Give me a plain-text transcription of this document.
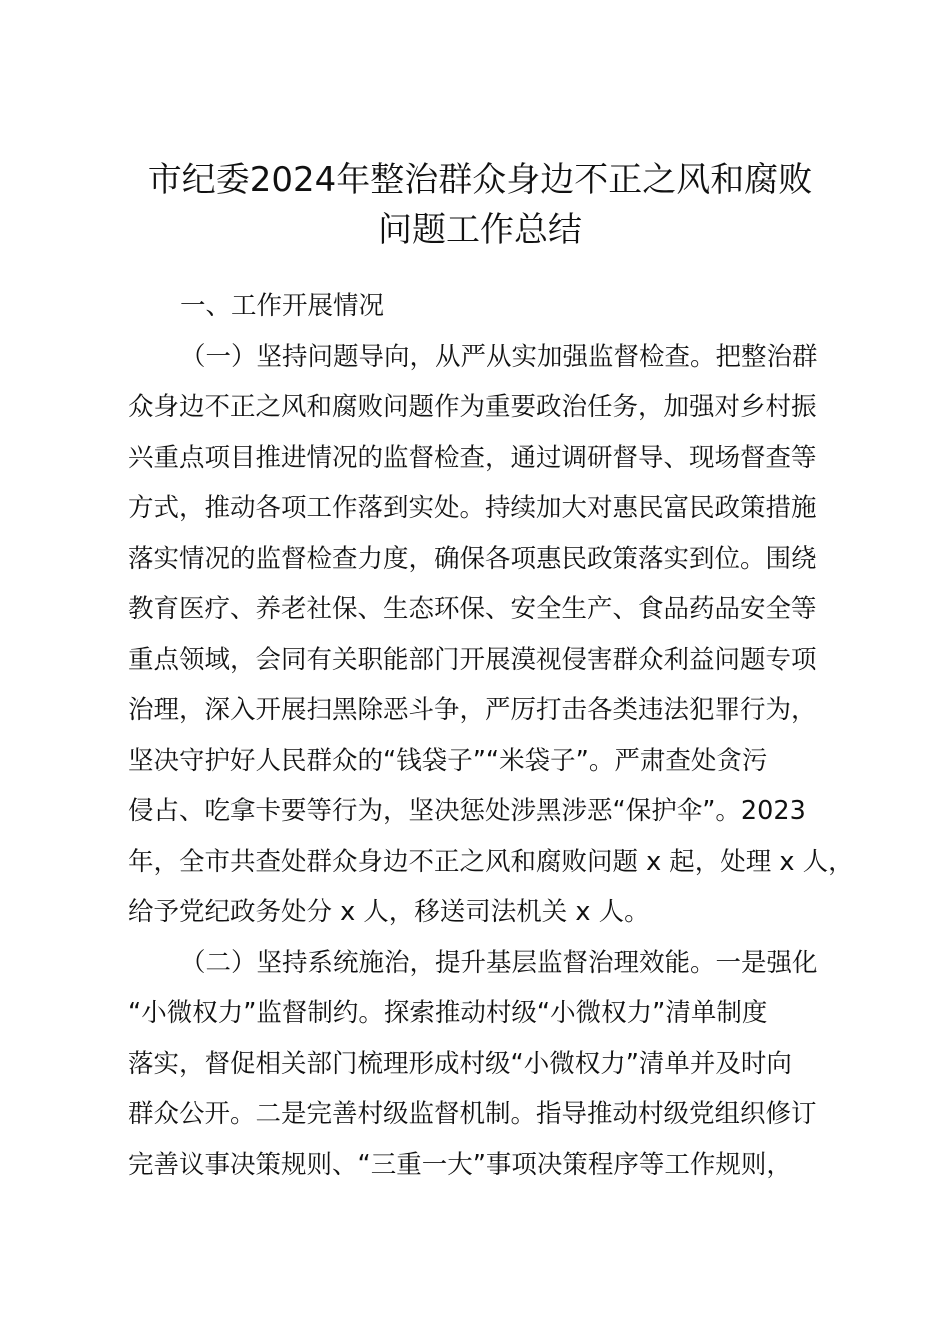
市纪委2024年整治群众身边不正之风和腐败
问题工作总结
一、工作开展情况
（一）坚持问题导向，从严从实加强监督检查。把整治群
众身边不正之风和腐败问题作为重要政治任务，加强对乡村振
兴重点项目推进情况的监督检查，通过调研督导、现场督查等
方式，推动各项工作落到实处。持续加大对惠民富民政策措施
落实情况的监督检查力度，确保各项惠民政策落实到位。围绕
教育医疗、养老社保、生态环保、安全生产、食品药品安全等
重点领域，会同有关职能部门开展漠视侵害群众利益问题专项
治理，深入开展扫黑除恶斗争，严厉打击各类违法犯罪行为，
坚决守护好人民群众的“钱袋子”“米袋子”。严肃查处贪污
侵占、吃拿卡要等行为，坚决惩处涉黑涉恶“保护伞”。2023
年，全市共查处群众身边不正之风和腐败问题 x 起，处理 x 人，
给予党纪政务处分 x 人，移送司法机关 x 人。
（二）坚持系统施治，提升基层监督治理效能。一是强化
“小微权力”监督制约。探索推动村级“小微权力”清单制度
落实，督促相关部门梳理形成村级“小微权力”清单并及时向
群众公开。二是完善村级监督机制。指导推动村级党组织修订
完善议事决策规则、“三重一大”事项决策程序等工作规则，
